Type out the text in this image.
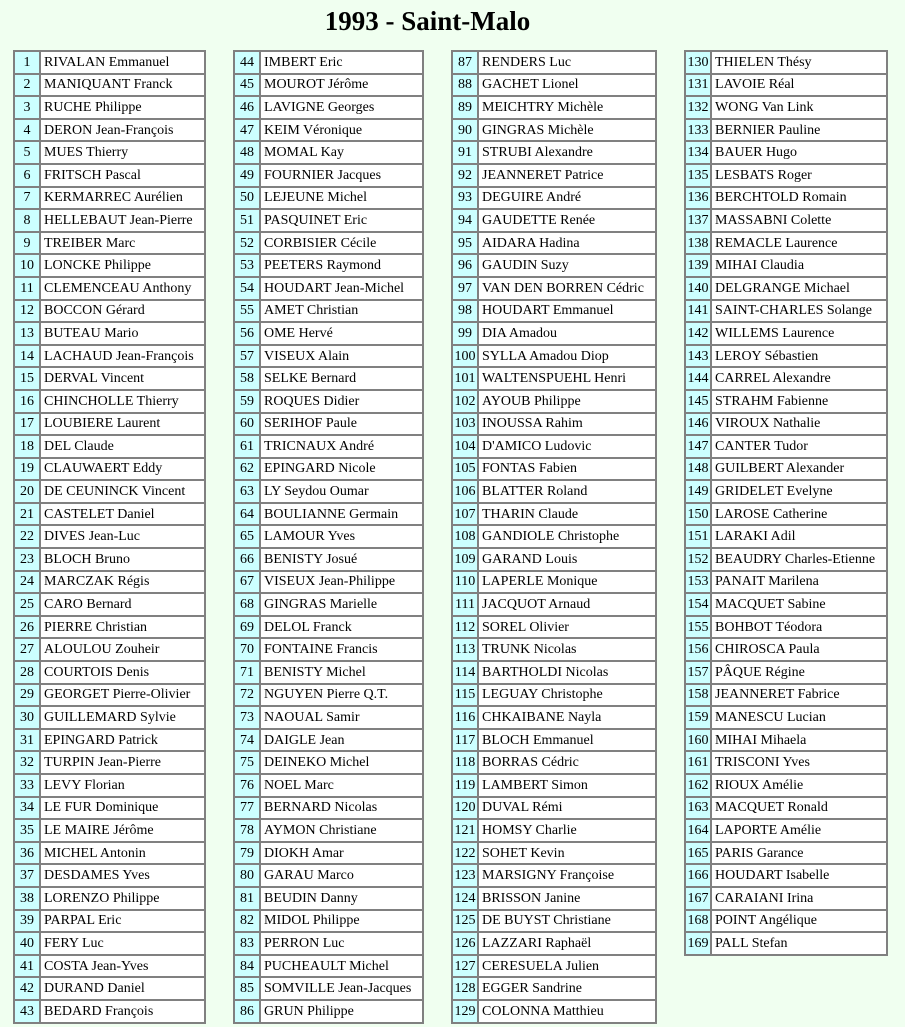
1993 - Saint-Malo
1	RIVALAN Emmanuel
2	MANIQUANT Franck
3	RUCHE Philippe
4	DERON Jean-François
5	MUES Thierry
6	FRITSCH Pascal
7	KERMARREC Aurélien
8	HELLEBAUT Jean-Pierre
9	TREIBER Marc
10	LONCKE Philippe
11	CLEMENCEAU Anthony
12	BOCCON Gérard
13	BUTEAU Mario
14	LACHAUD Jean-François
15	DERVAL Vincent
16	CHINCHOLLE Thierry
17	LOUBIERE Laurent
18	DEL Claude
19	CLAUWAERT Eddy
20	DE CEUNINCK Vincent
21	CASTELET Daniel
22	DIVES Jean-Luc
23	BLOCH Bruno
24	MARCZAK Régis
25	CARO Bernard
26	PIERRE Christian
27	ALOULOU Zouheir
28	COURTOIS Denis
29	GEORGET Pierre-Olivier
30	GUILLEMARD Sylvie
31	EPINGARD Patrick
32	TURPIN Jean-Pierre
33	LEVY Florian
34	LE FUR Dominique
35	LE MAIRE Jérôme
36	MICHEL Antonin
37	DESDAMES Yves
38	LORENZO Philippe
39	PARPAL Eric
40	FERY Luc
41	COSTA Jean-Yves
42	DURAND Daniel
43	BEDARD François
44	IMBERT Eric
45	MOUROT Jérôme
46	LAVIGNE Georges
47	KEIM Véronique
48	MOMAL Kay
49	FOURNIER Jacques
50	LEJEUNE Michel
51	PASQUINET Eric
52	CORBISIER Cécile
53	PEETERS Raymond
54	HOUDART Jean-Michel
55	AMET Christian
56	OME Hervé
57	VISEUX Alain
58	SELKE Bernard
59	ROQUES Didier
60	SERIHOF Paule
61	TRICNAUX André
62	EPINGARD Nicole
63	LY Seydou Oumar
64	BOULIANNE Germain
65	LAMOUR Yves
66	BENISTY Josué
67	VISEUX Jean-Philippe
68	GINGRAS Marielle
69	DELOL Franck
70	FONTAINE Francis
71	BENISTY Michel
72	NGUYEN Pierre Q.T.
73	NAOUAL Samir
74	DAIGLE Jean
75	DEINEKO Michel
76	NOEL Marc
77	BERNARD Nicolas
78	AYMON Christiane
79	DIOKH Amar
80	GARAU Marco
81	BEUDIN Danny
82	MIDOL Philippe
83	PERRON Luc
84	PUCHEAULT Michel
85	SOMVILLE Jean-Jacques
86	GRUN Philippe
87	RENDERS Luc
88	GACHET Lionel
89	MEICHTRY Michèle
90	GINGRAS Michèle
91	STRUBI Alexandre
92	JEANNERET Patrice
93	DEGUIRE André
94	GAUDETTE Renée
95	AIDARA Hadina
96	GAUDIN Suzy
97	VAN DEN BORREN Cédric
98	HOUDART Emmanuel
99	DIA Amadou
100	SYLLA Amadou Diop
101	WALTENSPUEHL Henri
102	AYOUB Philippe
103	INOUSSA Rahim
104	D'AMICO Ludovic
105	FONTAS Fabien
106	BLATTER Roland
107	THARIN Claude
108	GANDIOLE Christophe
109	GARAND Louis
110	LAPERLE Monique
111	JACQUOT Arnaud
112	SOREL Olivier
113	TRUNK Nicolas
114	BARTHOLDI Nicolas
115	LEGUAY Christophe
116	CHKAIBANE Nayla
117	BLOCH Emmanuel
118	BORRAS Cédric
119	LAMBERT Simon
120	DUVAL Rémi
121	HOMSY Charlie
122	SOHET Kevin
123	MARSIGNY Françoise
124	BRISSON Janine
125	DE BUYST Christiane
126	LAZZARI Raphaël
127	CERESUELA Julien
128	EGGER Sandrine
129	COLONNA Matthieu
130	THIELEN Thésy
131	LAVOIE Réal
132	WONG Van Link
133	BERNIER Pauline
134	BAUER Hugo
135	LESBATS Roger
136	BERCHTOLD Romain
137	MASSABNI Colette
138	REMACLE Laurence
139	MIHAI Claudia
140	DELGRANGE Michael
141	SAINT-CHARLES Solange
142	WILLEMS Laurence
143	LEROY Sébastien
144	CARREL Alexandre
145	STRAHM Fabienne
146	VIROUX Nathalie
147	CANTER Tudor
148	GUILBERT Alexander
149	GRIDELET Evelyne
150	LAROSE Catherine
151	LARAKI Adil
152	BEAUDRY Charles-Etienne
153	PANAIT Marilena
154	MACQUET Sabine
155	BOHBOT Téodora
156	CHIROSCA Paula
157	PÂQUE Régine
158	JEANNERET Fabrice
159	MANESCU Lucian
160	MIHAI Mihaela
161	TRISCONI Yves
162	RIOUX Amélie
163	MACQUET Ronald
164	LAPORTE Amélie
165	PARIS Garance
166	HOUDART Isabelle
167	CARAIANI Irina
168	POINT Angélique
169	PALL Stefan
